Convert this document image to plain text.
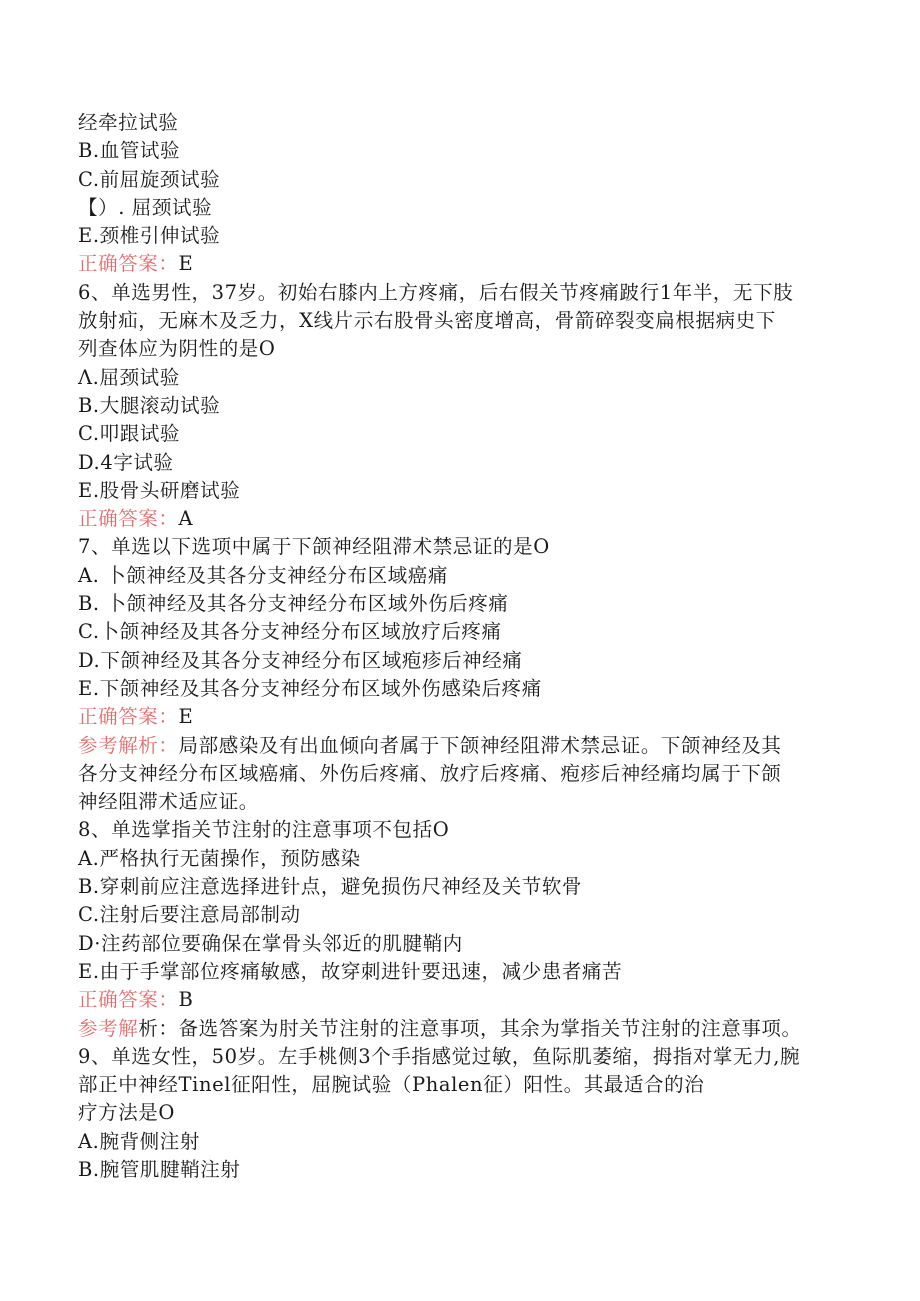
经牵拉试验
B.血管试验
C.前屈旋颈试验
【）. 屈颈试验
E.颈椎引伸试验
正确答案：E
6、单选男性，37岁。初始右膝内上方疼痛，后右假关节疼痛跛行1年半，无下肢
放射疝，无麻木及乏力，X线片示右股骨头密度增高，骨箭碎裂变扁根据病史下
列查体应为阴性的是O
Λ.屈颈试验
B.大腿滚动试验
C.叩跟试验
D.4字试验
E.股骨头研磨试验
正确答案：A
7、单选以下选项中属于下颌神经阻滞术禁忌证的是O
A. 卜颌神经及其各分支神经分布区域癌痛
B. 卜颌神经及其各分支神经分布区域外伤后疼痛
C.卜颌神经及其各分支神经分布区域放疗后疼痛
D.下颌神经及其各分支神经分布区域疱疹后神经痛
E.下颌神经及其各分支神经分布区域外伤感染后疼痛
正确答案：E
参考解析：局部感染及有出血倾向者属于下颌神经阻滞术禁忌证。下颌神经及其
各分支神经分布区域癌痛、外伤后疼痛、放疗后疼痛、疱疹后神经痛均属于下颌
神经阻滞术适应证。
8、单选掌指关节注射的注意事项不包括O
A.严格执行无菌操作，预防感染
B.穿刺前应注意选择进针点，避免损伤尺神经及关节软骨
C.注射后要注意局部制动
D·注药部位要确保在掌骨头邻近的肌腱鞘内
E.由于手掌部位疼痛敏感，故穿刺进针要迅速，减少患者痛苦
正确答案：B
参考解析：备选答案为肘关节注射的注意事项，其余为掌指关节注射的注意事项。
9、单选女性，50岁。左手桃侧3个手指感觉过敏，鱼际肌萎缩，拇指对掌无力,腕
部正中神经Tinel征阳性，屈腕试验（Phalen征）阳性。其最适合的治
疗方法是O
A.腕背侧注射
B.腕管肌腱鞘注射
